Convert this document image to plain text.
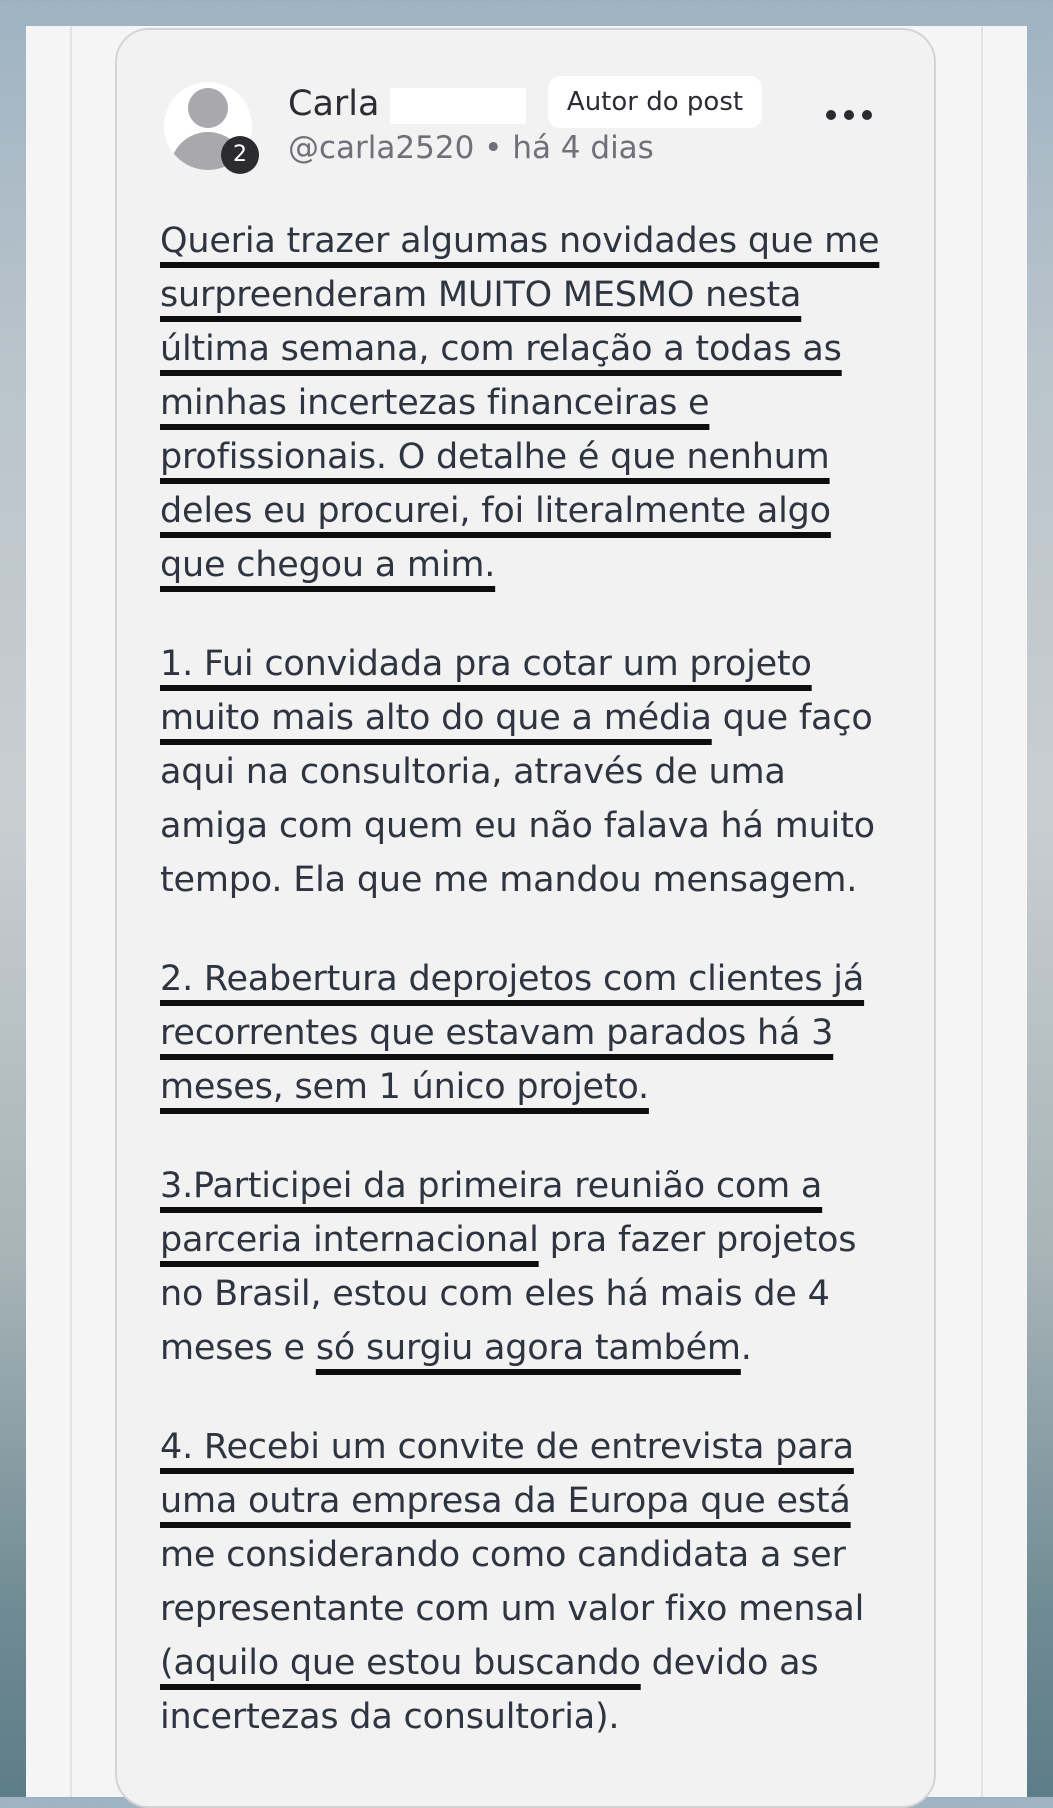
2
Carla	Autor do post
@carla2520 • há 4 dias
Queria trazer algumas novidades que me
surpreenderam MUITO MESMO nesta
última semana, com relação a todas as
minhas incertezas financeiras e
profissionais. O detalhe é que nenhum
deles eu procurei, foi literalmente algo
que chegou a mim.
1. Fui convidada pra cotar um projeto
muito mais alto do que a média que faço
aqui na consultoria, através de uma
amiga com quem eu não falava há muito
tempo. Ela que me mandou mensagem.
2. Reabertura deprojetos com clientes já
recorrentes que estavam parados há 3
meses, sem 1 único projeto.
3.Participei da primeira reunião com a
parceria internacional pra fazer projetos
no Brasil, estou com eles há mais de 4
meses e só surgiu agora também.
4. Recebi um convite de entrevista para
uma outra empresa da Europa que está
me considerando como candidata a ser
representante com um valor fixo mensal
(aquilo que estou buscando devido as
incertezas da consultoria).
